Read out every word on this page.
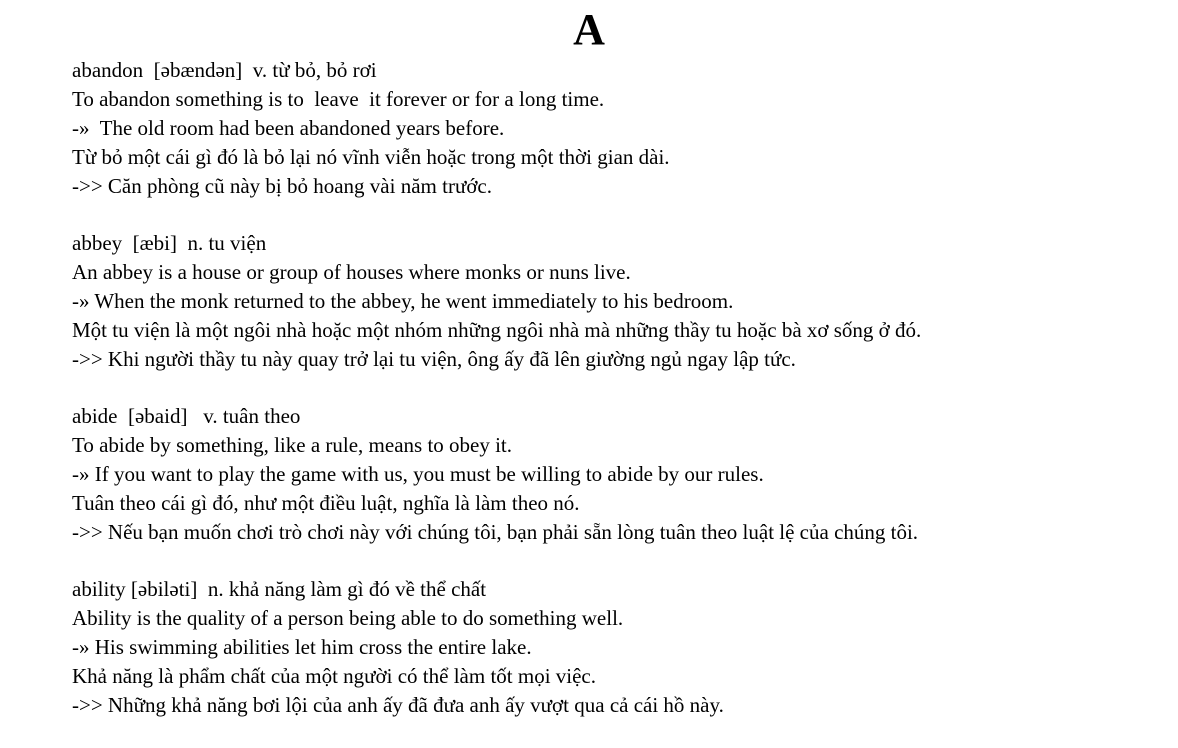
A
abandon  [əbændən]  v. từ bỏ, bỏ rơi
To abandon something is to  leave  it forever or for a long time.
-»  The old room had been abandoned years before.
Từ bỏ một cái gì đó là bỏ lại nó vĩnh viễn hoặc trong một thời gian dài.
->> Căn phòng cũ này bị bỏ hoang vài năm trước.
abbey  [æbi]  n. tu viện
An abbey is a house or group of houses where monks or nuns live.
-» When the monk returned to the abbey, he went immediately to his bedroom.
Một tu viện là một ngôi nhà hoặc một nhóm những ngôi nhà mà những thầy tu hoặc bà xơ sống ở đó.
->> Khi người thầy tu này quay trở lại tu viện, ông ấy đã lên giường ngủ ngay lập tức.
abide  [əbaid]   v. tuân theo
To abide by something, like a rule, means to obey it.
-» If you want to play the game with us, you must be willing to abide by our rules.
Tuân theo cái gì đó, như một điều luật, nghĩa là làm theo nó.
->> Nếu bạn muốn chơi trò chơi này với chúng tôi, bạn phải sẵn lòng tuân theo luật lệ của chúng tôi.
ability [əbiləti]  n. khả năng làm gì đó về thể chất
Ability is the quality of a person being able to do something well.
-» His swimming abilities let him cross the entire lake.
Khả năng là phẩm chất của một người có thể làm tốt mọi việc.
->> Những khả năng bơi lội của anh ấy đã đưa anh ấy vượt qua cả cái hồ này.
